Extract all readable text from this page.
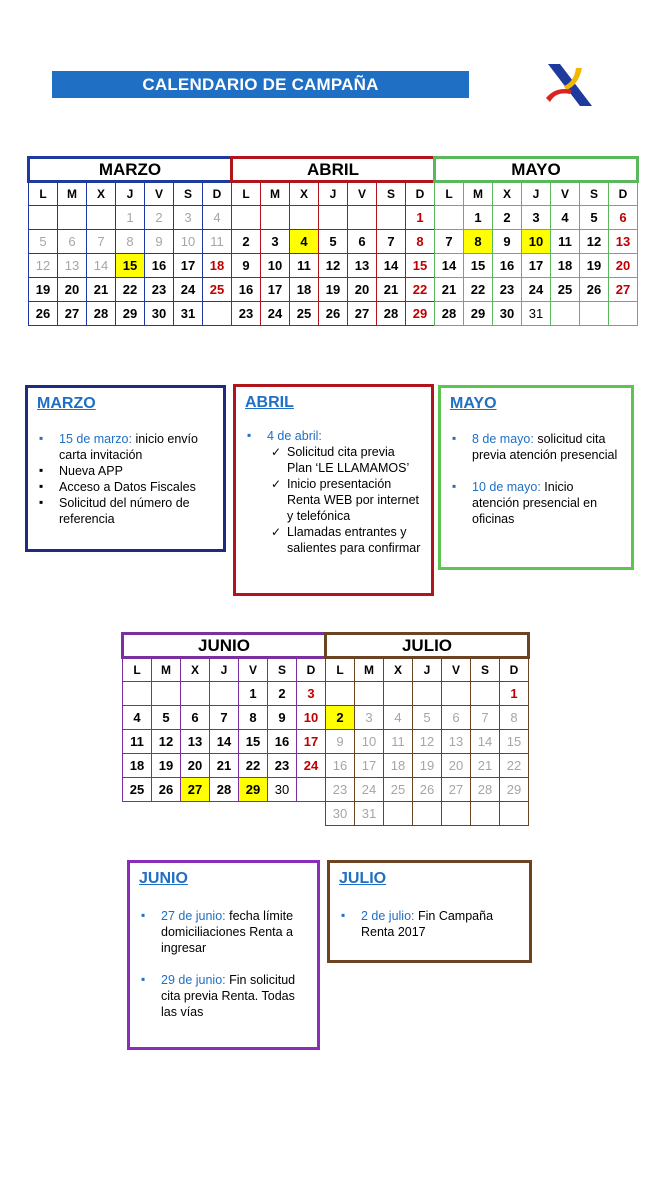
CALENDARIO DE CAMPAÑA
MARZO						
L	M	X	J	V	S	D
			1	2	3	4
5	6	7	8	9	10	11
12	13	14	15	16	17	18
19	20	21	22	23	24	25
26	27	28	29	30	31	
ABRIL						
L	M	X	J	V	S	D
						1
2	3	4	5	6	7	8
9	10	11	12	13	14	15
16	17	18	19	20	21	22
23	24	25	26	27	28	29
MAYO						
L	M	X	J	V	S	D
	1	2	3	4	5	6
7	8	9	10	11	12	13
14	15	16	17	18	19	20
21	22	23	24	25	26	27
28	29	30	31			
MARZO
▪ 15 de marzo: inicio envío carta invitación
▪ Nueva APP
▪ Acceso a Datos Fiscales
▪ Solicitud del número de referencia
ABRIL
▪ 4 de abril:
✓ Solicitud cita previa Plan ‘LE LLAMAMOS’
✓ Inicio presentación Renta WEB por internet y telefónica
✓ Llamadas entrantes y salientes para confirmar
MAYO
▪ 8 de mayo: solicitud cita previa atención presencial
▪ 10 de mayo: Inicio atención presencial en oficinas
JUNIO						
L	M	X	J	V	S	D
				1	2	3
4	5	6	7	8	9	10
11	12	13	14	15	16	17
18	19	20	21	22	23	24
25	26	27	28	29	30	
JULIO						
L	M	X	J	V	S	D
						1
2	3	4	5	6	7	8
9	10	11	12	13	14	15
16	17	18	19	20	21	22
23	24	25	26	27	28	29
30	31					
JUNIO
▪ 27 de junio: fecha límite domiciliaciones Renta a ingresar
▪ 29 de junio: Fin solicitud cita previa Renta. Todas las vías
JULIO
▪ 2 de julio: Fin Campaña Renta 2017
